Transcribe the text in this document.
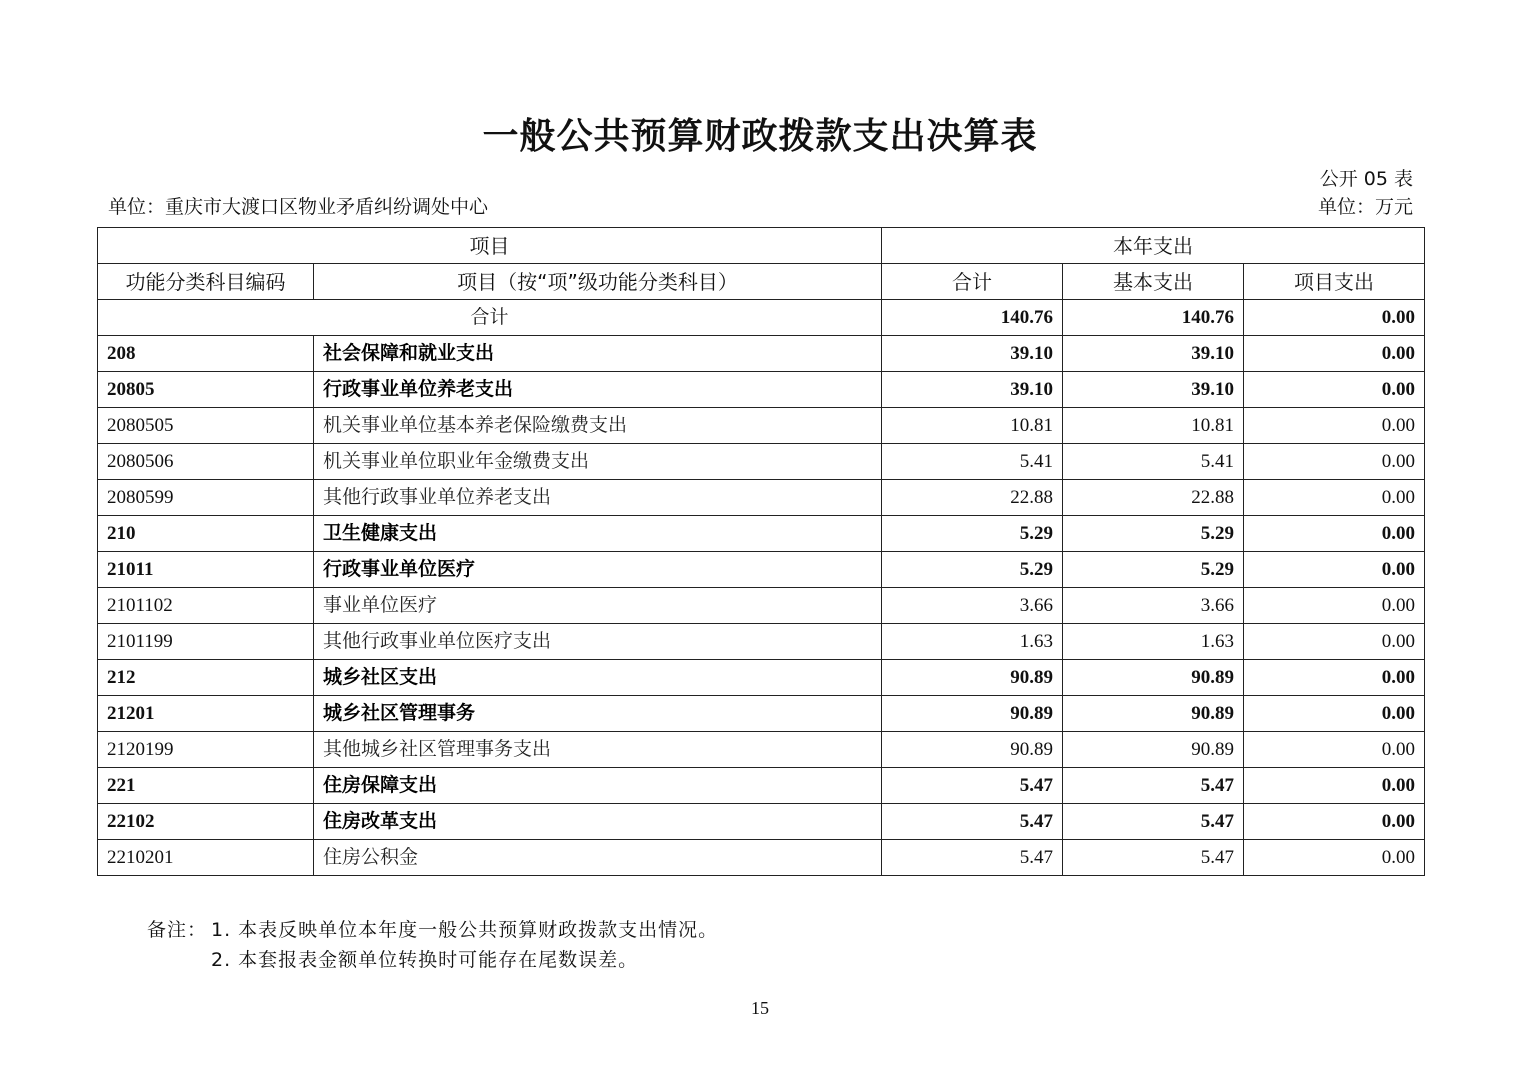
一般公共预算财政拨款支出决算表
公开 05 表
单位：重庆市大渡口区物业矛盾纠纷调处中心	单位：万元
项目		本年支出		
功能分类科目编码	项目（按“项”级功能分类科目）	合计	基本支出	项目支出
合计		140.76	140.76	0.00
208	社会保障和就业支出	39.10	39.10	0.00
20805	行政事业单位养老支出	39.10	39.10	0.00
2080505	机关事业单位基本养老保险缴费支出	10.81	10.81	0.00
2080506	机关事业单位职业年金缴费支出	5.41	5.41	0.00
2080599	其他行政事业单位养老支出	22.88	22.88	0.00
210	卫生健康支出	5.29	5.29	0.00
21011	行政事业单位医疗	5.29	5.29	0.00
2101102	事业单位医疗	3.66	3.66	0.00
2101199	其他行政事业单位医疗支出	1.63	1.63	0.00
212	城乡社区支出	90.89	90.89	0.00
21201	城乡社区管理事务	90.89	90.89	0.00
2120199	其他城乡社区管理事务支出	90.89	90.89	0.00
221	住房保障支出	5.47	5.47	0.00
22102	住房改革支出	5.47	5.47	0.00
2210201	住房公积金	5.47	5.47	0.00
备注： 1. 本表反映单位本年度一般公共预算财政拨款支出情况。
2. 本套报表金额单位转换时可能存在尾数误差。
15
